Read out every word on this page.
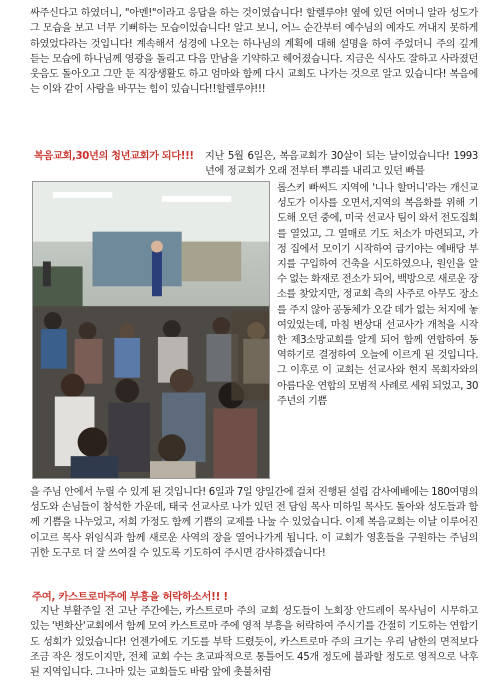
싸주신다고 하였더니, "아멘!"이라고 응답을 하는 것이였습니다! 할렐루야! 옆에 있던 어머니 알라 성도가 그 모습을 보고 너무 기뻐하는 모습이었습니다! 알고 보니, 어느 순간부터 예수님의 예자도 꺼내지 못하게 하였었다라는 것입니다! 계속해서 성경에 나오는 하나님의 계획에 대해 설명을 하여 주었더니 주의 깊게 듣는 모습에 하나님께 영광을 돌리고 다음 만남을 기약하고 헤어졌습니다. 지금은 식사도 잘하고 사라졌던 웃음도 돌아오고 그만 둔 직장생활도 하고 엄마와 함께 다시 교회도 나가는 것으로 알고 있습니다! 복음에는 이와 같이 사람을 바꾸는 힘이 있습니다!!할렐루야!!!

복음교회,30년의 청년교회가 되다!!!	지난 5월 6일은, 복음교회가 30살이 되는 날이었습니다! 1993년에 정교회가 오래 전부터 뿌리를 내리고 있던 빠블
롭스키 빠써드 지역에 '니나 할머니'라는 개신교 성도가 이사를 오면서,지역의 복음화를 위해 기도해 오던 중에, 미국 선교사 팀이 와서 전도집회를 열었고, 그 열매로 기도 처소가 마련되고, 가정 집에서 모이기 시작하여 급기야는 예배당 부지를 구입하여 건축을 시도하였으나, 원인을 알 수 없는 화재로 전소가 되어, 백방으로 새로운 장소를 찾았지만, 정교회 측의 사주로 아무도 장소를 주지 않아 공동체가 오갈 데가 없는 처지에 놓여있었는데, 마침 변상대 선교사가 개척을 시작한 제3소망교회를 알게 되어 함께 연합하여 동역하기로 결정하여 오늘에 이르게 된 것입니다. 그 이후로 이 교회는 선교사와 현지 목회자와의 아름다운 연합의 모범적 사례로 세워 되었고, 30주년의 기쁨
을 주님 안에서 누릴 수 있게 된 것입니다! 6일과 7일 양일간에 걸쳐 진행된 설립 감사예배에는 180여명의 성도와 손님들이 참석한 가운데, 태국 선교사로 나가 있던 전 담임 목사 미하일 목사도 돌아와 성도들과 함께 기쁨을 나누었고, 저희 가정도 함께 기쁨의 교제를 나눌 수 있었습니다. 이제 복음교회는 이날 이루어진 이고르 목사 위임식과 함께 새로운 사역의 장을 열어나가게 됩니다. 이 교회가 영혼들을 구원하는 주님의 귀한 도구로 더 잘 쓰여질 수 있도록 기도하여 주시면 감사하겠습니다!
주여, 카스트로마주에 부흥을 허락하소서!! !
지난 부활주일 전 고난 주간에는, 카스트로마 주의 교회 성도들이 노회장 안드레이 목사님이 시무하고 있는 '변화산'교회에서 함께 모여 카스트로마 주에 영적 부흥을 허락하여 주시기를 간절히 기도하는 연합기도 성회가 있었습니다! 언젠가에도 기도를 부탁 드렸듯이, 카스트로마 주의 크기는 우리 남한의 면적보다 조금 작은 정도이지만, 전체 교회 수는 초교파적으로 통틀어도 45개 정도에 불과할 정도로 영적으로 낙후된 지역입니다. 그나마 있는 교회들도 바람 앞에 촛불처럼
